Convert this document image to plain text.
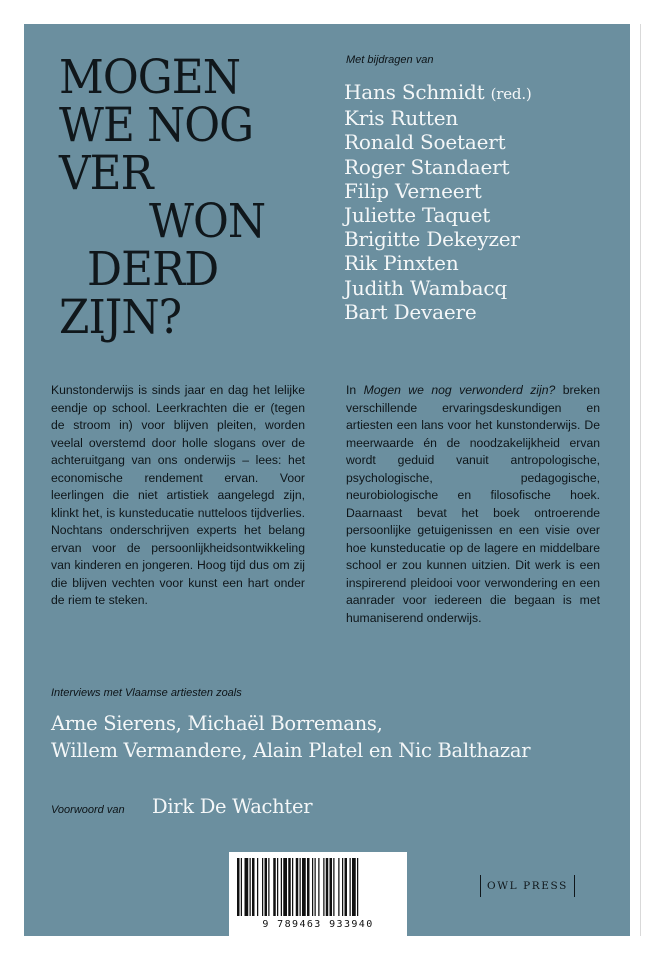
MOGEN
WE NOG
VER
WON
DERD
ZIJN?
Met bijdragen van
Hans Schmidt (red.)
Kris Rutten
Ronald Soetaert
Roger Standaert
Filip Verneert
Juliette Taquet
Brigitte Dekeyzer
Rik Pinxten
Judith Wambacq
Bart Devaere

Kunstonderwijs is sinds jaar en dag het lelijke eendje op school. Leerkrachten die er (tegen de stroom in) voor blijven pleiten, worden veelal overstemd door holle slogans over de achteruitgang van ons onderwijs – lees: het economische rendement ervan. Voor leerlingen die niet artistiek aangelegd zijn, klinkt het, is kunsteducatie nutteloos tijdverlies. Nochtans onderschrijven experts het belang ervan voor de persoonlijkheidsontwikkeling van kinderen en jongeren. Hoog tijd dus om zij die blijven vechten voor kunst een hart onder de riem te steken.

In Mogen we nog verwonderd zijn? breken verschillende ervaringsdeskundigen en artiesten een lans voor het kunstonderwijs. De meerwaarde én de noodzakelijkheid ervan wordt geduid vanuit antropologische, psychologische, pedagogische, neurobiologische en filosofische hoek. Daarnaast bevat het boek ontroerende persoonlijke getuigenissen en een visie over hoe kunsteducatie op de lagere en middelbare school er zou kunnen uitzien. Dit werk is een inspirerend pleidooi voor verwondering en een aanrader voor iedereen die begaan is met humaniserend onderwijs.

Interviews met Vlaamse artiesten zoals
Arne Sierens, Michaël Borremans,
Willem Vermandere, Alain Platel en Nic Balthazar
Voorwoord van Dirk De Wachter
9 789463 933940
OWL PRESS
